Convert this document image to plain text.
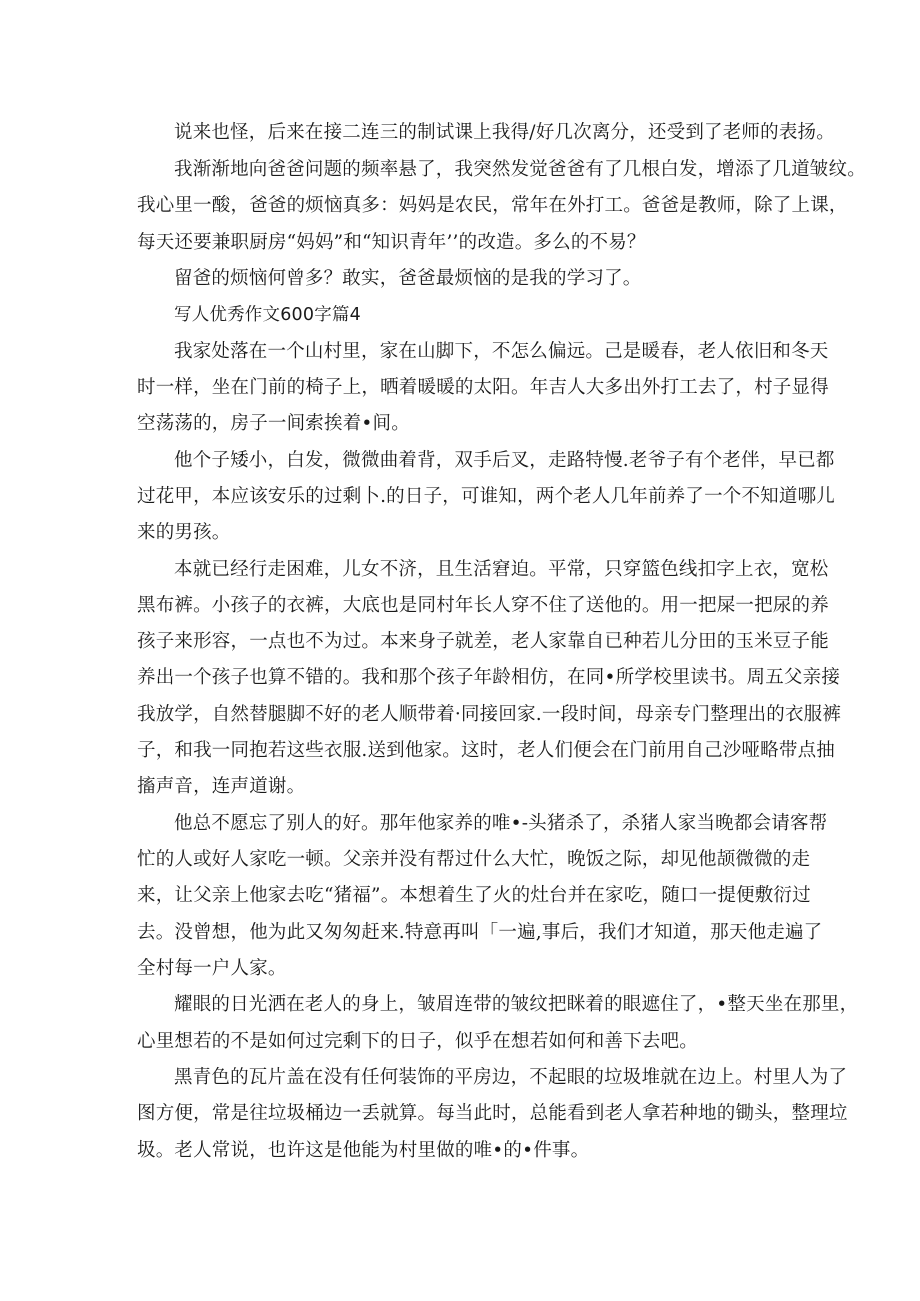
说来也怪，后来在接二连三的制试课上我得/好几次离分，还受到了老师的表扬。
我渐渐地向爸爸问题的频率悬了，我突然发觉爸爸有了几根白发，增添了几道皱纹。
我心里一酸，爸爸的烦恼真多：妈妈是农民，常年在外打工。爸爸是教师，除了上课，
每天还要兼职厨房“妈妈”和“知识青年’’的改造。多么的不易？
留爸的烦恼何曾多？敢实，爸爸最烦恼的是我的学习了。
写人优秀作文600字篇4
我家处落在一个山村里，家在山脚下，不怎么偏远。己是暖春，老人依旧和冬天
时一样，坐在门前的椅子上，晒着暖暖的太阳。年吉人大多出外打工去了，村子显得
空荡荡的，房子一间索挨着•间。
他个子矮小，白发，微微曲着背，双手后叉，走路特慢.老爷子有个老伴，早已都
过花甲，本应该安乐的过剩卜.的日子，可谁知，两个老人几年前养了一个不知道哪儿
来的男孩。
本就已经行走困难，儿女不济，且生活窘迫。平常，只穿篮色线扣字上衣，宽松
黑布裤。小孩子的衣裤，大底也是同村年长人穿不住了送他的。用一把屎一把尿的养
孩子来形容，一点也不为过。本来身子就差，老人家靠自已种若儿分田的玉米豆子能
养出一个孩子也算不错的。我和那个孩子年龄相仿，在同•所学校里读书。周五父亲接
我放学，自然替腿脚不好的老人顺带着·同接回家.一段时间，母亲专门整理出的衣服裤
子，和我一同抱若这些衣服.送到他家。这时，老人们便会在门前用自己沙哑略带点抽
搐声音，连声道谢。
他总不愿忘了别人的好。那年他家养的唯•-头猪杀了，杀猪人家当晚都会请客帮
忙的人或好人家吃一顿。父亲并没有帮过什么大忙，晚饭之际，却见他颉微微的走
来，让父亲上他家去吃“猪福”。本想着生了火的灶台并在家吃，随口一提便敷衍过
去。没曾想，他为此又匆匆赶来.特意再叫「一遍,事后，我们才知道，那天他走遍了
全村每一户人家。
耀眼的日光洒在老人的身上，皱眉连带的皱纹把眯着的眼遮住了，•整天坐在那里，
心里想若的不是如何过完剩下的日子，似乎在想若如何和善下去吧。
黑青色的瓦片盖在没有任何装饰的平房边，不起眼的垃圾堆就在边上。村里人为了
图方便，常是往垃圾桶边一丢就算。每当此时，总能看到老人拿若种地的锄头，整理垃
圾。老人常说，也许这是他能为村里做的唯•的•件事。
